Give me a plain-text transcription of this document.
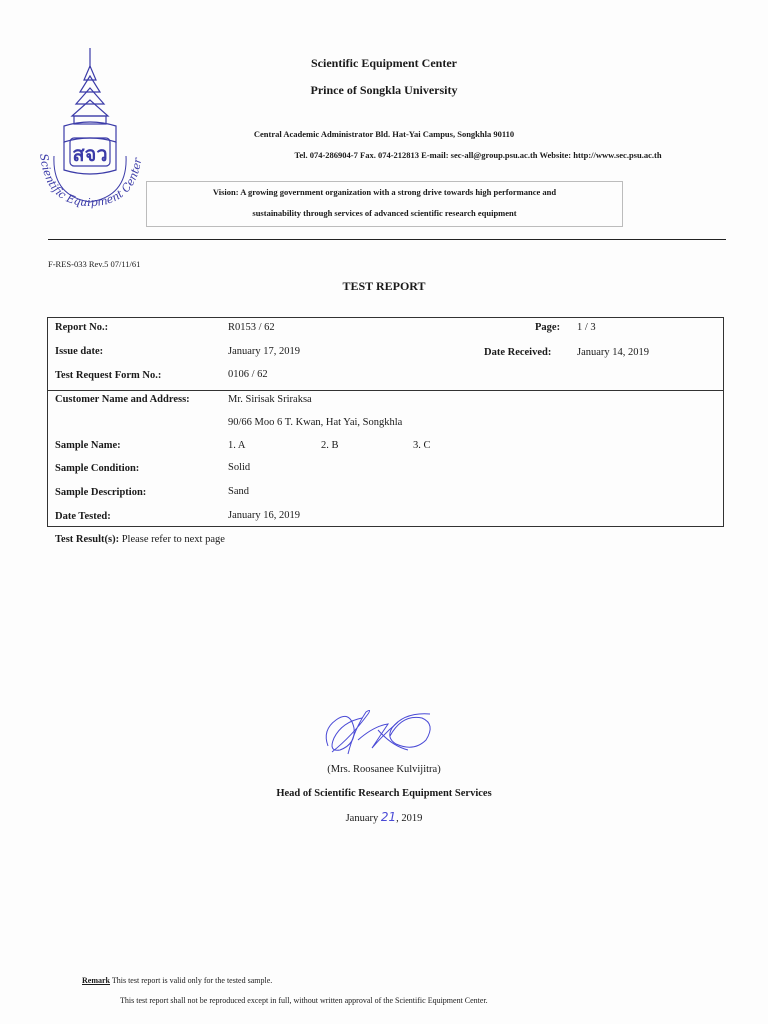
สจว
Scientific Equipment Center
Scientific Equipment Center
Prince of Songkla University
Central Academic Administrator Bld. Hat-Yai Campus, Songkhla 90110
Tel. 074-286904-7 Fax. 074-212813 E-mail: sec-all@group.psu.ac.th Website: http://www.sec.psu.ac.th
Vision: A growing government organization with a strong drive towards high performance and
sustainability through services of advanced scientific research equipment
F-RES-033 Rev.5 07/11/61
TEST REPORT
Report No.:	R0153 / 62	Page: 1 / 3
Issue date:	January 17, 2019	Date Received: January 14, 2019
Test Request Form No.:	0106 / 62
Customer Name and Address:	Mr. Sirisak Sriraksa
90/66 Moo 6 T. Kwan, Hat Yai, Songkhla
Sample Name:	1. A	2. B	3. C
Sample Condition:	Solid
Sample Description:	Sand
Date Tested:	January 16, 2019
Test Result(s): Please refer to next page
(Mrs. Roosanee Kulvijitra)
Head of Scientific Research Equipment Services
January 21, 2019
Remark This test report is valid only for the tested sample.
This test report shall not be reproduced except in full, without written approval of the Scientific Equipment Center.
